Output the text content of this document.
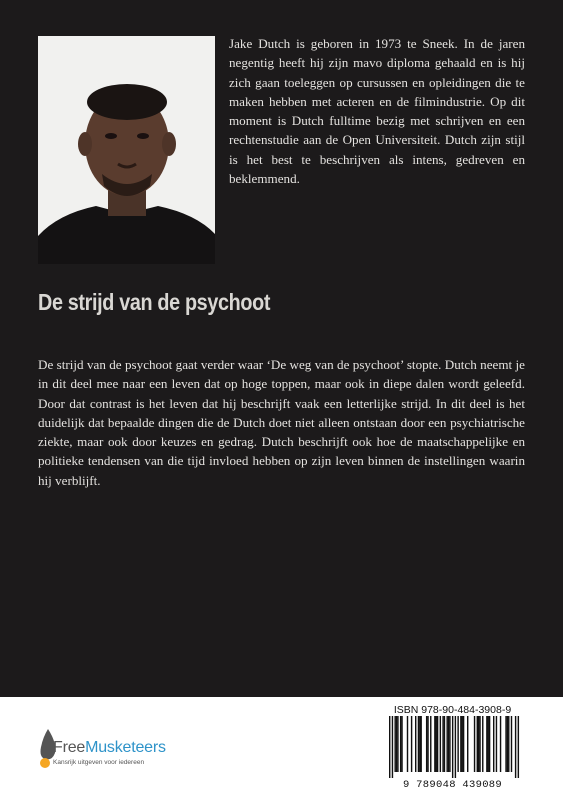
Jake Dutch is geboren in 1973 te Sneek. In de jaren negentig heeft hij zijn mavo diploma gehaald en is hij zich gaan toeleggen op cursussen en opleidingen die te maken hebben met acteren en de filmindustrie. Op dit moment is Dutch fulltime bezig met schrijven en een rechtenstudie aan de Open Universiteit. Dutch zijn stijl is het best te beschrijven als intens, gedreven en beklemmend.

De strijd van de psychoot

De strijd van de psychoot gaat verder waar ‘De weg van de psychoot’ stopte. Dutch neemt je in dit deel mee naar een leven dat op hoge toppen, maar ook in diepe dalen wordt geleefd. Door dat contrast is het leven dat hij beschrijft vaak een letterlijke strijd. In dit deel is het duidelijk dat bepaalde dingen die de Dutch doet niet alleen ontstaan door een psychiatrische ziekte, maar ook door keuzes en gedrag. Dutch beschrijft ook hoe de maatschappelijke en politieke tendensen van die tijd invloed hebben op zijn leven binnen de instellingen waarin hij verblijft.

FreeMusketeers
Kansrijk uitgeven voor iedereen
ISBN 978-90-484-3908-9
9 789048 439089
